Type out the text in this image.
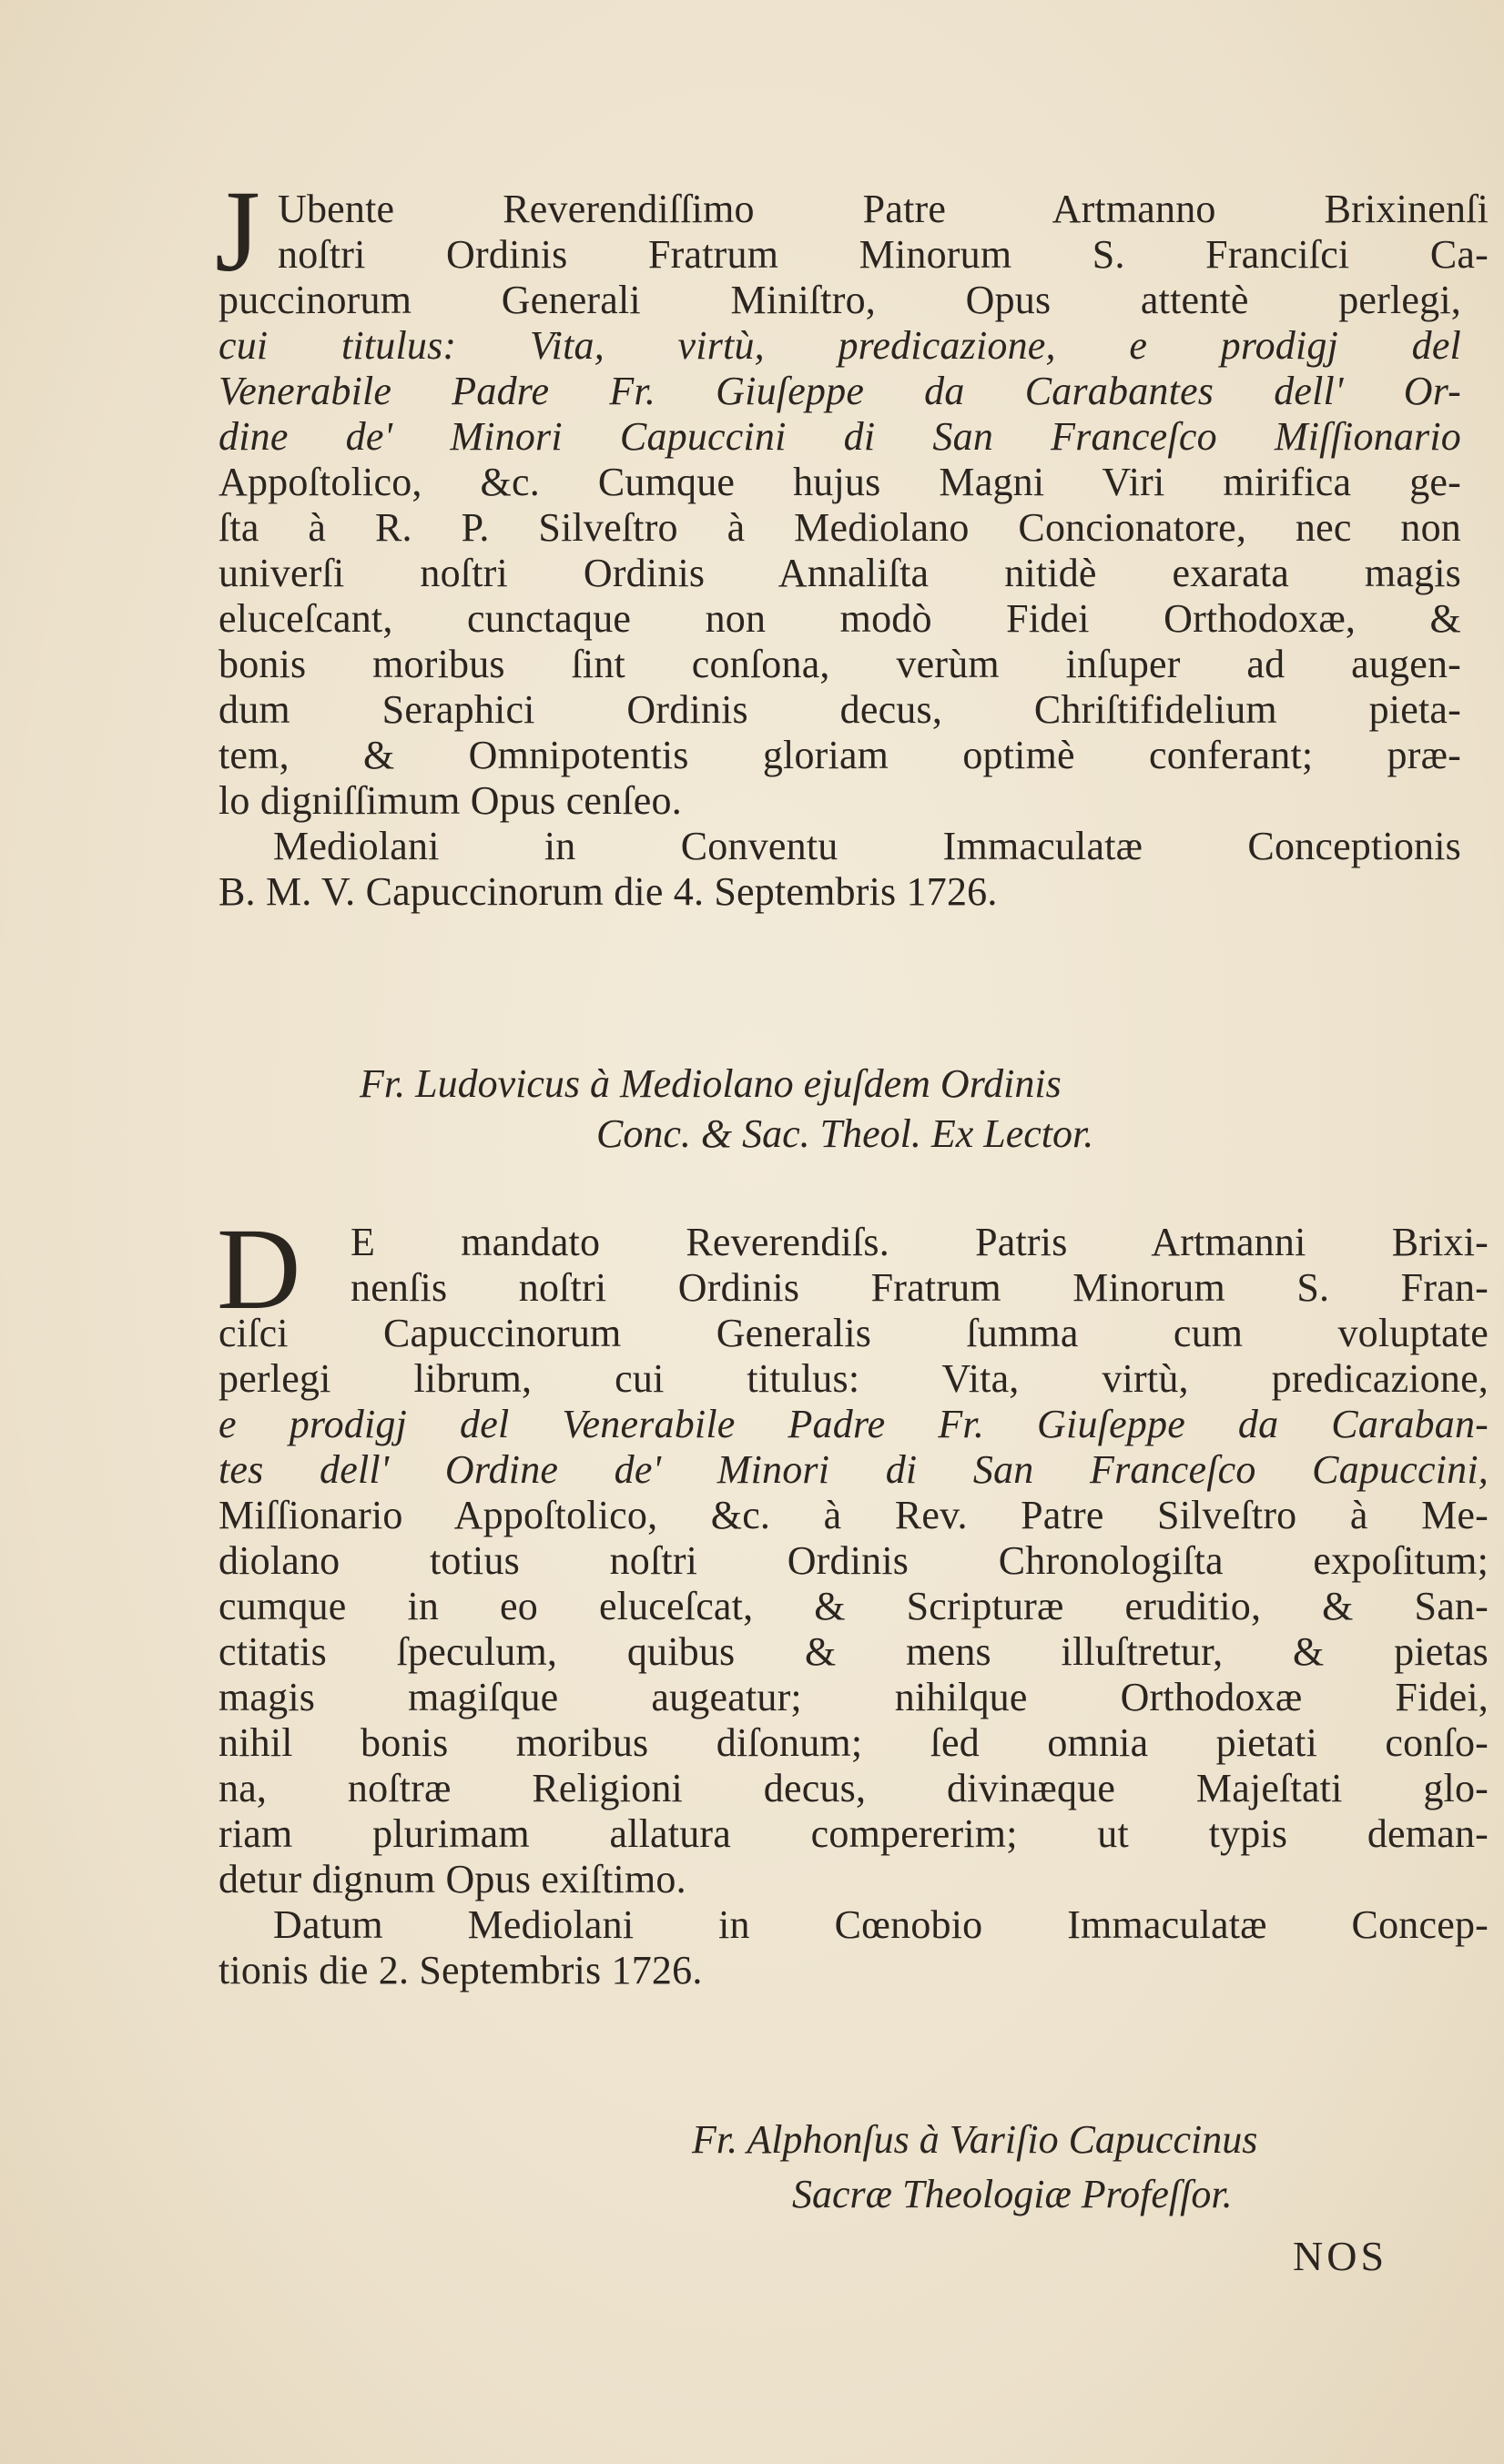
J Ubente Reverendiſſimo Patre Artmanno Brixinenſi
noſtri Ordinis Fratrum Minorum S. Franciſci Ca-
puccinorum Generali Miniſtro, Opus attentè perlegi,
cui titulus: Vita, virtù, predicazione, e prodigj del
Venerabile Padre Fr. Giuſeppe da Carabantes dell' Or-
dine de' Minori Capuccini di San Franceſco Miſſionario
Appoſtolico, &c. Cumque hujus Magni Viri mirifica ge-
ſta à R. P. Silveſtro à Mediolano Concionatore, nec non
univerſi noſtri Ordinis Annaliſta nitidè exarata magis
eluceſcant, cunctaque non modò Fidei Orthodoxæ, &
bonis moribus ſint conſona, verùm inſuper ad augen-
dum Seraphici Ordinis decus, Chriſtifidelium pieta-
tem, & Omnipotentis gloriam optimè conferant; præ-
lo digniſſimum Opus cenſeo.
Mediolani in Conventu Immaculatæ Conceptionis
B. M. V. Capuccinorum die 4. Septembris 1726.
Fr. Ludovicus à Mediolano ejuſdem Ordinis
Conc. & Sac. Theol. Ex Lector.
D E mandato Reverendiſs. Patris Artmanni Brixi-
nenſis noſtri Ordinis Fratrum Minorum S. Fran-
ciſci Capuccinorum Generalis ſumma cum voluptate
perlegi librum, cui titulus: Vita, virtù, predicazione,
e prodigj del Venerabile Padre Fr. Giuſeppe da Caraban-
tes dell' Ordine de' Minori di San Franceſco Capuccini,
Miſſionario Appoſtolico, &c. à Rev. Patre Silveſtro à Me-
diolano totius noſtri Ordinis Chronologiſta expoſitum;
cumque in eo eluceſcat, & Scripturæ eruditio, & San-
ctitatis ſpeculum, quibus & mens illuſtretur, & pietas
magis magiſque augeatur; nihilque Orthodoxæ Fidei,
nihil bonis moribus diſonum; ſed omnia pietati conſo-
na, noſtræ Religioni decus, divinæque Majeſtati glo-
riam plurimam allatura compererim; ut typis deman-
detur dignum Opus exiſtimo.
Datum Mediolani in Cœnobio Immaculatæ Concep-
tionis die 2. Septembris 1726.
Fr. Alphonſus à Variſio Capuccinus
Sacræ Theologiæ Profeſſor.
NOS
